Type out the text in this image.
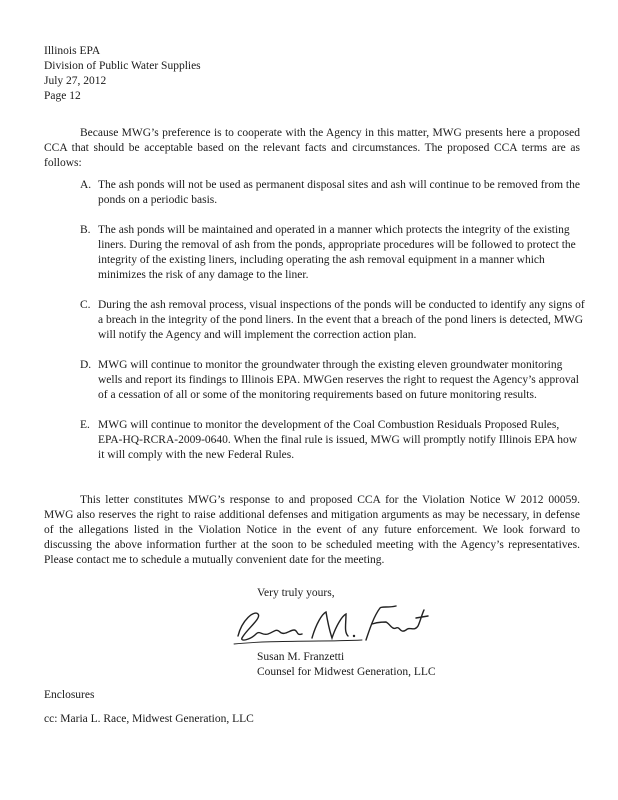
Illinois EPA
Division of Public Water Supplies
July 27, 2012
Page 12
Because MWG’s preference is to cooperate with the Agency in this matter, MWG presents here a proposed CCA that should be acceptable based on the relevant facts and circumstances. The proposed CCA terms are as follows:
A. The ash ponds will not be used as permanent disposal sites and ash will continue to be removed from the ponds on a periodic basis.
B. The ash ponds will be maintained and operated in a manner which protects the integrity of the existing liners. During the removal of ash from the ponds, appropriate procedures will be followed to protect the integrity of the existing liners, including operating the ash removal equipment in a manner which minimizes the risk of any damage to the liner.
C. During the ash removal process, visual inspections of the ponds will be conducted to identify any signs of a breach in the integrity of the pond liners. In the event that a breach of the pond liners is detected, MWG will notify the Agency and will implement the correction action plan.
D. MWG will continue to monitor the groundwater through the existing eleven groundwater monitoring wells and report its findings to Illinois EPA. MWGen reserves the right to request the Agency’s approval of a cessation of all or some of the monitoring requirements based on future monitoring results.
E. MWG will continue to monitor the development of the Coal Combustion Residuals Proposed Rules, EPA-HQ-RCRA-2009-0640. When the final rule is issued, MWG will promptly notify Illinois EPA how it will comply with the new Federal Rules.
This letter constitutes MWG’s response to and proposed CCA for the Violation Notice W 2012 00059. MWG also reserves the right to raise additional defenses and mitigation arguments as may be necessary, in defense of the allegations listed in the Violation Notice in the event of any future enforcement. We look forward to discussing the above information further at the soon to be scheduled meeting with the Agency’s representatives. Please contact me to schedule a mutually convenient date for the meeting.
Very truly yours,
Susan M. Franzetti
Counsel for Midwest Generation, LLC
Enclosures
cc: Maria L. Race, Midwest Generation, LLC
